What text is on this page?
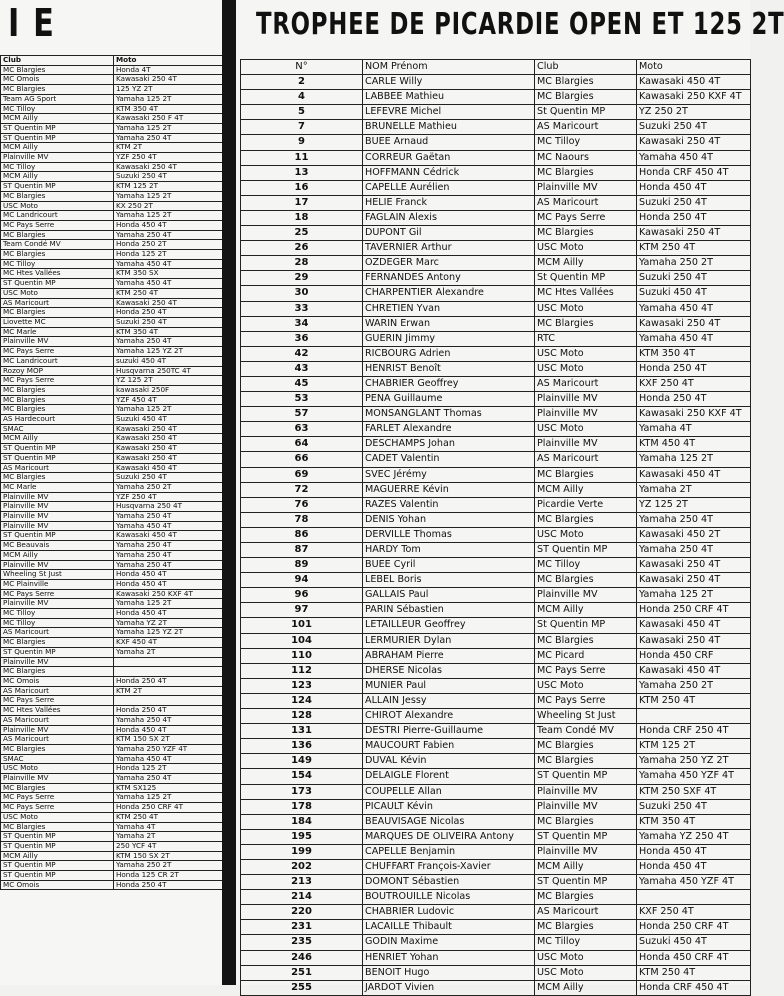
I E
Club	Moto
MC Blargies	Honda 4T
MC Omois	Kawasaki 250 4T
MC Blargies	125 YZ 2T
Team AG Sport	Yamaha 125 2T
MC Tilloy	KTM 350 4T
MCM Ailly	Kawasaki 250 F 4T
ST Quentin MP	Yamaha 125 2T
ST Quentin MP	Yamaha 250 4T
MCM Ailly	KTM 2T
Plainville MV	YZF 250 4T
MC Tilloy	Kawasaki 250 4T
MCM Ailly	Suzuki 250 4T
ST Quentin MP	KTM 125 2T
MC Blargies	Yamaha 125 2T
USC Moto	KX 250 2T
MC Landricourt	Yamaha 125 2T
MC Pays Serre	Honda 450 4T
MC Blargies	Yamaha 250 4T
Team Condé MV	Honda 250 2T
MC Blargies	Honda 125 2T
MC Tilloy	Yamaha 450 4T
MC Htes Vallées	KTM 350 SX
ST Quentin MP	Yamaha 450 4T
USC Moto	KTM 250 4T
AS Maricourt	Kawasaki 250 4T
MC Blargies	Honda 250 4T
Liovette MC	Suzuki 250 4T
MC Marle	KTM 350 4T
Plainville MV	Yamaha 250 4T
MC Pays Serre	Yamaha 125 YZ 2T
MC Landricourt	suzuki 450 4T
Rozoy MOP	Husqvarna 250TC 4T
MC Pays Serre	YZ 125 2T
MC Blargies	kawasaki 250F
MC Blargies	YZF 450 4T
MC Blargies	Yamaha 125 2T
AS Hardecourt	Suzuki 450 4T
SMAC	Kawasaki 250 4T
MCM Ailly	Kawasaki 250 4T
ST Quentin MP	Kawasaki 250 4T
ST Quentin MP	Kawasaki 250 4T
AS Maricourt	Kawasaki 450 4T
MC Blargies	Suzuki 250 4T
MC Marle	Yamaha 250 2T
Plainville MV	YZF 250 4T
Plainville MV	Husqvarna 250 4T
Plainville MV	Yamaha 250 4T
Plainville MV	Yamaha 450 4T
ST Quentin MP	Kawasaki 450 4T
MC Beauvais	Yamaha 250 4T
MCM Ailly	Yamaha 250 4T
Plainville MV	Yamaha 250 4T
Wheeling St Just	Honda 450 4T
MC Plainville	Honda 450 4T
MC Pays Serre	Kawasaki 250 KXF 4T
Plainville MV	Yamaha 125 2T
MC Tilloy	Honda 450 4T
MC Tilloy	Yamaha YZ 2T
AS Maricourt	Yamaha 125 YZ 2T
MC Blargies	KXF 450 4T
ST Quentin MP	Yamaha 2T
Plainville MV	
MC Blargies	
MC Omois	Honda 250 4T
AS Maricourt	KTM 2T
MC Pays Serre	
MC Htes Vallées	Honda 250 4T
AS Maricourt	Yamaha 250 4T
Plainville MV	Honda 450 4T
AS Maricourt	KTM 150 SX 2T
MC Blargies	Yamaha 250 YZF 4T
SMAC	Yamaha 450 4T
USC Moto	Honda 125 2T
Plainville MV	Yamaha 250 4T
MC Blargies	KTM SX125
MC Pays Serre	Yamaha 125 2T
MC Pays Serre	Honda 250 CRF 4T
USC Moto	KTM 250 4T
MC Blargies	Yamaha 4T
ST Quentin MP	Yamaha 2T
ST Quentin MP	250 YCF 4T
MCM Ailly	KTM 150 SX 2T
ST Quentin MP	Yamaha 250 2T
ST Quentin MP	Honda 125 CR 2T
MC Omois	Honda 250 4T
TROPHEE DE PICARDIE OPEN ET 125 2T
N°	NOM Prénom	Club	Moto
2	CARLE Willy	MC Blargies	Kawasaki 450 4T
4	LABBEE Mathieu	MC Blargies	Kawasaki 250 KXF 4T
5	LEFEVRE Michel	St Quentin MP	YZ 250 2T
7	BRUNELLE Mathieu	AS Maricourt	Suzuki 250 4T
9	BUEE Arnaud	MC Tilloy	Kawasaki 250 4T
11	CORREUR Gaëtan	MC Naours	Yamaha 450 4T
13	HOFFMANN Cédrick	MC Blargies	Honda CRF 450 4T
16	CAPELLE Aurélien	Plainville MV	Honda 450 4T
17	HELIE Franck	AS Maricourt	Suzuki 250 4T
18	FAGLAIN Alexis	MC Pays Serre	Honda 250 4T
25	DUPONT Gil	MC Blargies	Kawasaki 250 4T
26	TAVERNIER Arthur	USC Moto	KTM 250 4T
28	OZDEGER Marc	MCM Ailly	Yamaha 250 2T
29	FERNANDES Antony	St Quentin MP	Suzuki 250 4T
30	CHARPENTIER Alexandre	MC Htes Vallées	Suzuki 450 4T
33	CHRETIEN Yvan	USC Moto	Yamaha 450 4T
34	WARIN Erwan	MC Blargies	Kawasaki 250 4T
36	GUERIN Jimmy	RTC	Yamaha 450 4T
42	RICBOURG Adrien	USC Moto	KTM 350 4T
43	HENRIST Benoît	USC Moto	Honda 250 4T
45	CHABRIER Geoffrey	AS Maricourt	KXF 250 4T
53	PENA Guillaume	Plainville MV	Honda 250 4T
57	MONSANGLANT Thomas	Plainville MV	Kawasaki 250 KXF 4T
63	FARLET Alexandre	USC Moto	Yamaha 4T
64	DESCHAMPS Johan	Plainville MV	KTM 450 4T
66	CADET Valentin	AS Maricourt	Yamaha 125 2T
69	SVEC Jérémy	MC Blargies	Kawasaki 450 4T
72	MAGUERRE Kévin	MCM Ailly	Yamaha 2T
76	RAZES Valentin	Picardie Verte	YZ 125 2T
78	DENIS Yohan	MC Blargies	Yamaha 250 4T
86	DERVILLE Thomas	USC Moto	Kawasaki 450 2T
87	HARDY Tom	ST Quentin MP	Yamaha 250 4T
89	BUEE Cyril	MC Tilloy	Kawasaki 250 4T
94	LEBEL Boris	MC Blargies	Kawasaki 250 4T
96	GALLAIS Paul	Plainville MV	Yamaha 125 2T
97	PARIN Sébastien	MCM Ailly	Honda 250 CRF 4T
101	LETAILLEUR Geoffrey	St Quentin MP	Kawasaki 450 4T
104	LERMURIER Dylan	MC Blargies	Kawasaki 250 4T
110	ABRAHAM Pierre	MC Picard	Honda 450 CRF
112	DHERSE Nicolas	MC Pays Serre	Kawasaki 450 4T
123	MUNIER Paul	USC Moto	Yamaha 250 2T
124	ALLAIN Jessy	MC Pays Serre	KTM 250 4T
128	CHIROT Alexandre	Wheeling St Just	
131	DESTRI Pierre-Guillaume	Team Condé MV	Honda CRF 250 4T
136	MAUCOURT Fabien	MC Blargies	KTM 125 2T
149	DUVAL Kévin	MC Blargies	Yamaha 250 YZ 2T
154	DELAIGLE Florent	ST Quentin MP	Yamaha 450 YZF 4T
173	COUPELLE Allan	Plainville MV	KTM 250 SXF 4T
178	PICAULT Kévin	Plainville MV	Suzuki 250 4T
184	BEAUVISAGE Nicolas	MC Blargies	KTM 350 4T
195	MARQUES DE OLIVEIRA Antony	ST Quentin MP	Yamaha YZ 250 4T
199	CAPELLE Benjamin	Plainville MV	Honda 450 4T
202	CHUFFART François-Xavier	MCM Ailly	Honda 450 4T
213	DOMONT Sébastien	ST Quentin MP	Yamaha 450 YZF 4T
214	BOUTROUILLE Nicolas	MC Blargies	
220	CHABRIER Ludovic	AS Maricourt	KXF 250 4T
231	LACAILLE Thibault	MC Blargies	Honda 250 CRF 4T
235	GODIN Maxime	MC Tilloy	Suzuki 450 4T
246	HENRIET Yohan	USC Moto	Honda 450 CRF 4T
251	BENOIT Hugo	USC Moto	KTM 250 4T
255	JARDOT Vivien	MCM Ailly	Honda CRF 450 4T
